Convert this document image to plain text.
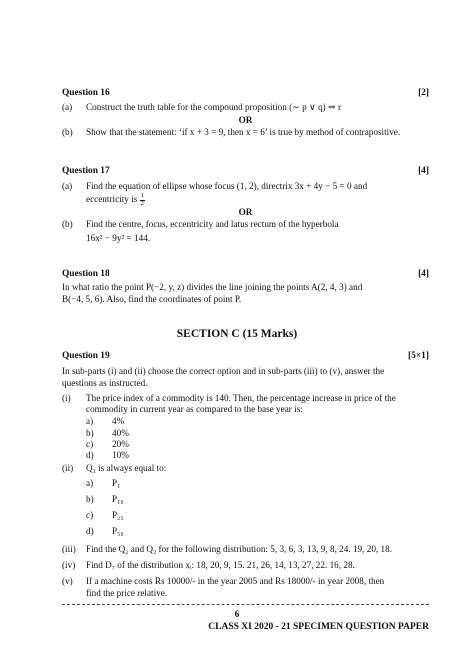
Question 16	[2]
(a)	Construct the truth table for the compound proposition (∼ p ∨ q) ⇒ r
OR
(b)	Show that the statement: ‘if x + 3 = 9, then x = 6’ is true by method of contrapositive.
Question 17	[4]
(a)	Find the equation of ellipse whose focus (1, 2), directrix 3x + 4y − 5 = 0 and
eccentricity is $\frac{1}{2}$
OR
(b)	Find the centre, focus, eccentricity and latus rectum of the hyperbola
16x² − 9y² = 144.
Question 18	[4]
In what ratio the point P(−2, y, z) divides the line joining the points A(2, 4, 3) and
B(−4, 5, 6). Also, find the coordinates of point P.
SECTION C (15 Marks)
Question 19	[5×1]
In sub-parts (i) and (ii) choose the correct option and in sub-parts (iii) to (v), answer the
questions as instructed.
(i)	The price index of a commodity is 140. Then, the percentage increase in price of the
commodity in current year as compared to the base year is:
a)	4%
b)	40%
c)	20%
d)	10%
(ii)	Q₁ is always equal to:
a)	P₁
b)	P₁₀
c)	P₂₅
d)	P₅₀
(iii)	Find the Q₂ and Q₃ for the following distribution: 5, 3, 6, 3, 13, 9, 8, 24. 19, 20, 18.
(iv)	Find D₇ of the distribution xᵢ: 18, 20, 9, 15. 21, 26, 14, 13, 27, 22. 16, 28.
(v)	If a machine costs Rs 10000/- in the year 2005 and Rs 18000/- in year 2008, then
find the price relative.
6
CLASS XI 2020 - 21 SPECIMEN QUESTION PAPER
